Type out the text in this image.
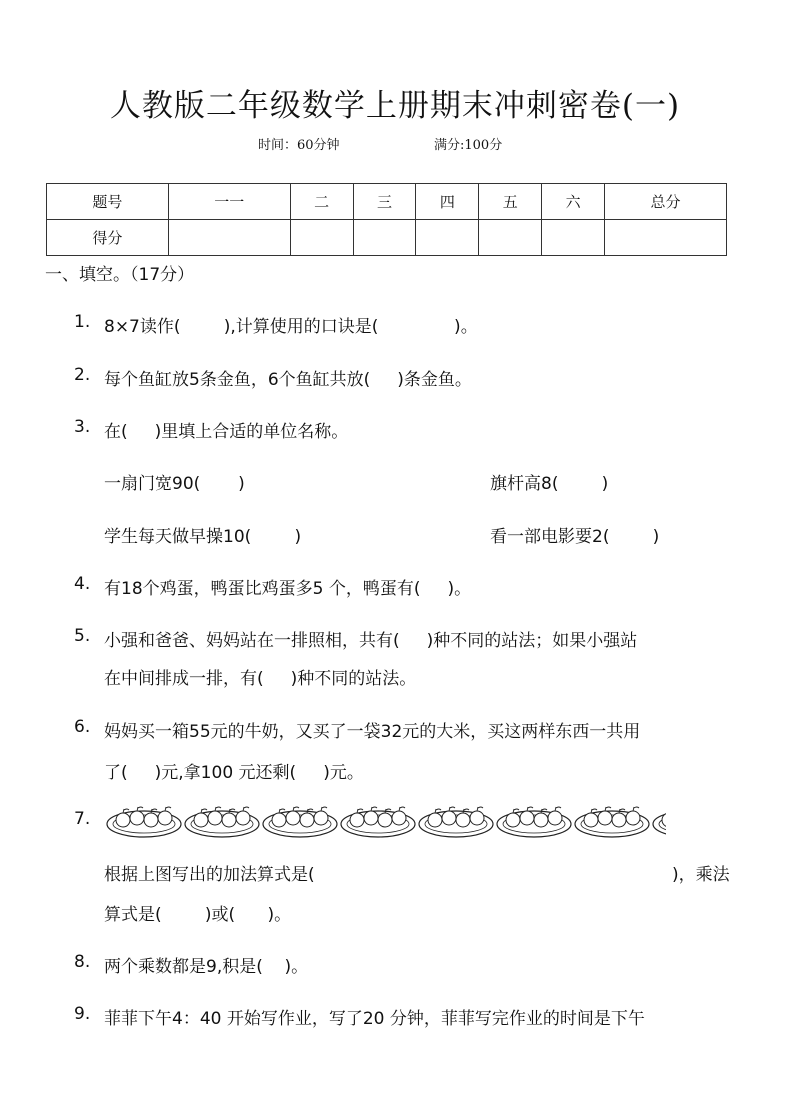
人教版二年级数学上册期末冲刺密卷(一)
时间：60分钟	满分:100分
题号	一一	二	三	四	五	六	总分
得分							
一、填空。（17分）
1. 8×7读作(        ),计算使用的口诀是(              )。
2. 每个鱼缸放5条金鱼，6个鱼缸共放(     )条金鱼。
3. 在(     )里填上合适的单位名称。
一扇门宽90(       )	旗杆高8(        )
学生每天做早操10(        )	看一部电影要2(        )
4. 有18个鸡蛋，鸭蛋比鸡蛋多5 个，鸭蛋有(     )。
5. 小强和爸爸、妈妈站在一排照相，共有(     )种不同的站法；如果小强站
在中间排成一排，有(     )种不同的站法。
6. 妈妈买一箱55元的牛奶，又买了一袋32元的大米，买这两样东西一共用
了(     )元,拿100 元还剩(     )元。
7.
根据上图写出的加法算式是(	)，乘法
算式是(        )或(      )。
8. 两个乘数都是9,积是(    )。
9. 菲菲下午4：40 开始写作业，写了20 分钟，菲菲写完作业的时间是下午
